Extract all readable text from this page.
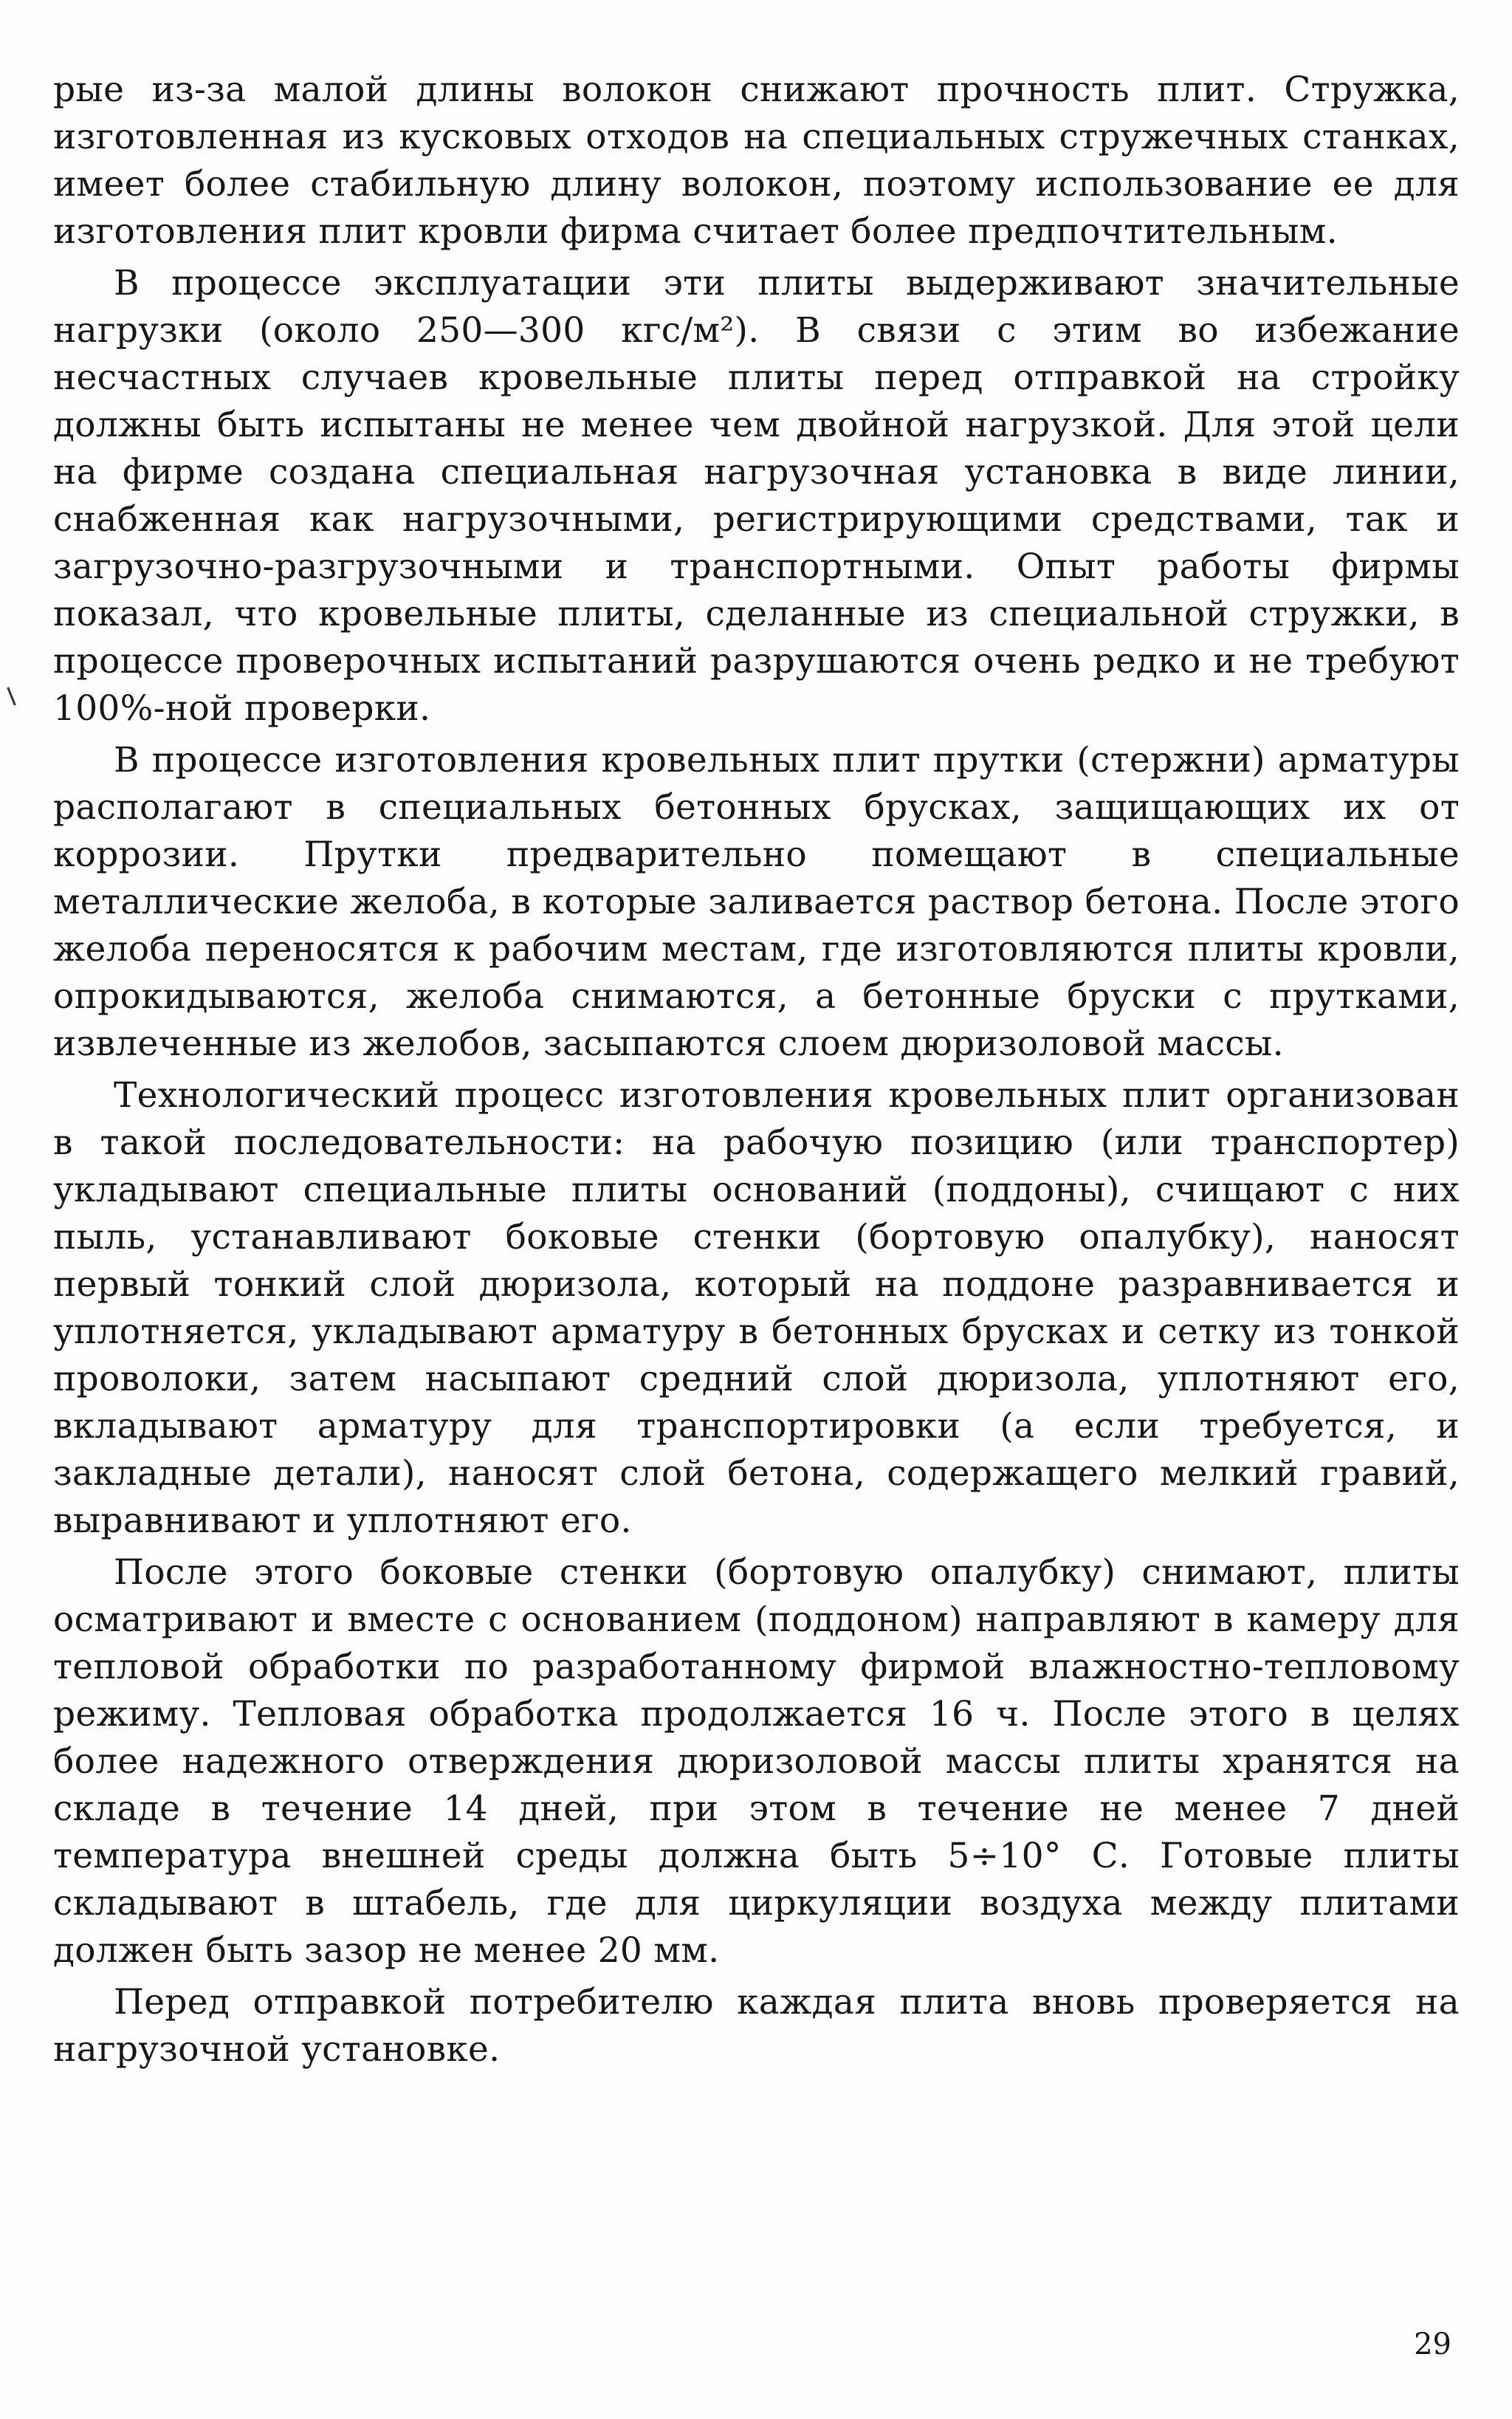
рые из-за малой длины волокон снижают прочность плит. Стружка, изготовленная из кусковых отходов на специальных стружечных станках, имеет более стабильную длину волокон, поэтому использование ее для изготовления плит кровли фирма считает более предпочтительным.

В процессе эксплуатации эти плиты выдерживают значительные нагрузки (около 250—300 кгс/м²). В связи с этим во избежание несчастных случаев кровельные плиты перед отправкой на стройку должны быть испытаны не менее чем двойной нагрузкой. Для этой цели на фирме создана специальная нагрузочная установка в виде линии, снабженная как нагрузочными, регистрирующими средствами, так и загрузочно-разгрузочными и транспортными. Опыт работы фирмы показал, что кровельные плиты, сделанные из специальной стружки, в процессе проверочных испытаний разрушаются очень редко и не требуют 100%-ной проверки.

В процессе изготовления кровельных плит прутки (стержни) арматуры располагают в специальных бетонных брусках, защищающих их от коррозии. Прутки предварительно помещают в специальные металлические желоба, в которые заливается раствор бетона. После этого желоба переносятся к рабочим местам, где изготовляются плиты кровли, опрокидываются, желоба снимаются, а бетонные бруски с прутками, извлеченные из желобов, засыпаются слоем дюризоловой массы.

Технологический процесс изготовления кровельных плит организован в такой последовательности: на рабочую позицию (или транспортер) укладывают специальные плиты оснований (поддоны), счищают с них пыль, устанавливают боковые стенки (бортовую опалубку), наносят первый тонкий слой дюризола, который на поддоне разравнивается и уплотняется, укладывают арматуру в бетонных брусках и сетку из тонкой проволоки, затем насыпают средний слой дюризола, уплотняют его, вкладывают арматуру для транспортировки (а если требуется, и закладные детали), наносят слой бетона, содержащего мелкий гравий, выравнивают и уплотняют его.

После этого боковые стенки (бортовую опалубку) снимают, плиты осматривают и вместе с основанием (поддоном) направляют в камеру для тепловой обработки по разработанному фирмой влажностно-тепловому режиму. Тепловая обработка продолжается 16 ч. После этого в целях более надежного отверждения дюризоловой массы плиты хранятся на складе в течение 14 дней, при этом в течение не менее 7 дней температура внешней среды должна быть 5÷10° С. Готовые плиты складывают в штабель, где для циркуляции воздуха между плитами должен быть зазор не менее 20 мм.

Перед отправкой потребителю каждая плита вновь проверяется на нагрузочной установке.

29
